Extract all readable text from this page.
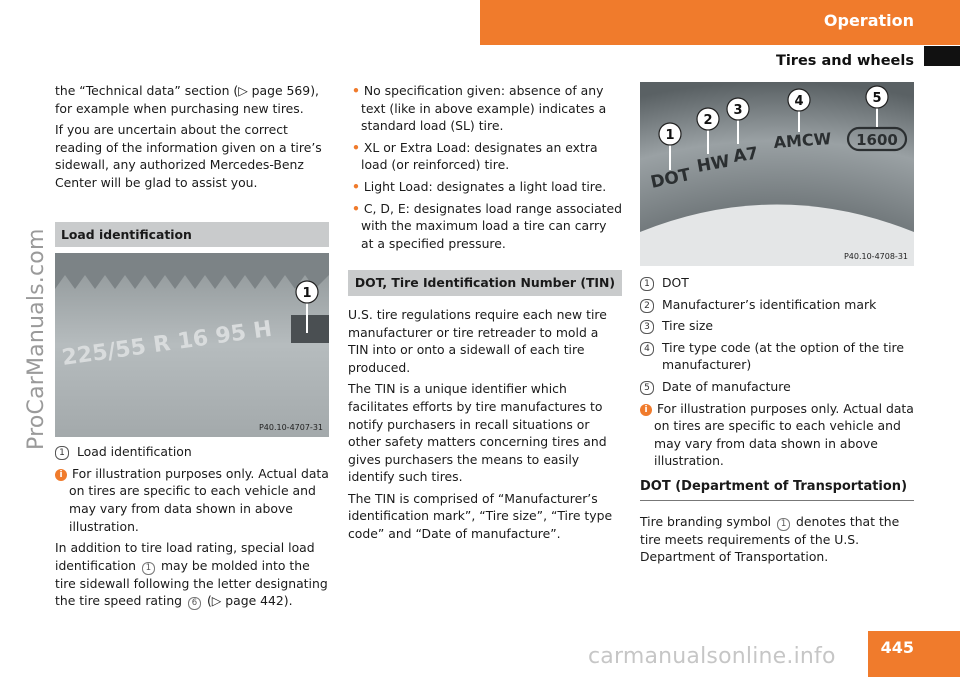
Operation
Tires and wheels
ProCarManuals.com

the “Technical data” section (▷ page 569), for example when purchasing new tires.

If you are uncertain about the correct reading of the information given on a tire’s sidewall, any authorized Mercedes-Benz Center will be glad to assist you.

Load identification
225/55 R 16 95 H
1
P40.10-4707-31
1 Load identification

i For illustration purposes only. Actual data on tires are specific to each vehicle and may vary from data shown in above illustration.

In addition to tire load rating, special load identification 1 may be molded into the tire sidewall following the letter designating the tire speed rating 6 (▷ page 442).

• No specification given: absence of any text (like in above example) indicates a standard load (SL) tire.

• XL or Extra Load: designates an extra load (or reinforced) tire.

• Light Load: designates a light load tire.

• C, D, E: designates load range associated with the maximum load a tire can carry at a specified pressure.

DOT, Tire Identification Number (TIN)

U.S. tire regulations require each new tire manufacturer or tire retreader to mold a TIN into or onto a sidewall of each tire produced.

The TIN is a unique identifier which facilitates efforts by tire manufactures to notify purchasers in recall situations or other safety matters concerning tires and gives purchasers the means to easily identify such tires.

The TIN is comprised of “Manufacturer’s identification mark”, “Tire size”, “Tire type code” and “Date of manufacture”.

DOT
HW A7
AMCW 1600
1
2
3
4	5
P40.10-4708-31
1 DOT
2 Manufacturer’s identification mark
3 Tire size
4 Tire type code (at the option of the tire manufacturer)
5 Date of manufacture

i For illustration purposes only. Actual data on tires are specific to each vehicle and may vary from data shown in above illustration.

DOT (Department of Transportation)

Tire branding symbol 1 denotes that the tire meets requirements of the U.S. Department of Transportation.

445
carmanualsonline.info
